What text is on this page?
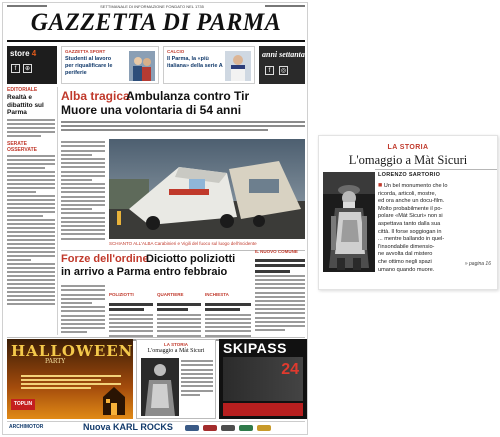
SETTIMANALE DI INFORMAZIONE FONDATO NEL 1735
GAZZETTA DI PARMA
store 4
f	⊕
GAZZETTA SPORT
Studenti al lavoro per riqualificare le periferie
CALCIO
Il Parma, la «più italiana» della serie A
anni settanta
f	◎
EDITORIALE
Realtà e dibattito sul Parma
SERATE OSSERVATE
Alba tragica
Ambulanza contro Tir
Muore una volontaria di 54 anni
SCHIANTO ALL'ALBA Carabinieri e Vigili del fuoco sul luogo dell'incidente
Forze dell'ordine
Diciotto poliziotti
in arrivo a Parma entro febbraio
POLIZIOTTI	QUARTIERE	INCHIESTA
IL NUOVO COMUNE
HALLOWEEN
PARTY
TOPLIN
LA STORIA
L'omaggio a Màt Sicuri	SKIPASS
24
ARCHIMOTOR	Nuova KARL ROCKS
LA STORIA
L'omaggio a Màt Sicuri
LORENZO SARTORIO
■ Un bel monumento che lo
ricorda, articoli, mostre,
ed ora anche un docu-film.
Molto probabilmente il po-
polare «Màt Sicuri» non si
aspettava tanto dalla sua
città. Il forse soggiogan in
... mentre ballando in quel-
l'insondabile dimensio-
ne avvolta dal mistero
che ottimo negli spazi
umano quando muore.
» pagina 16
